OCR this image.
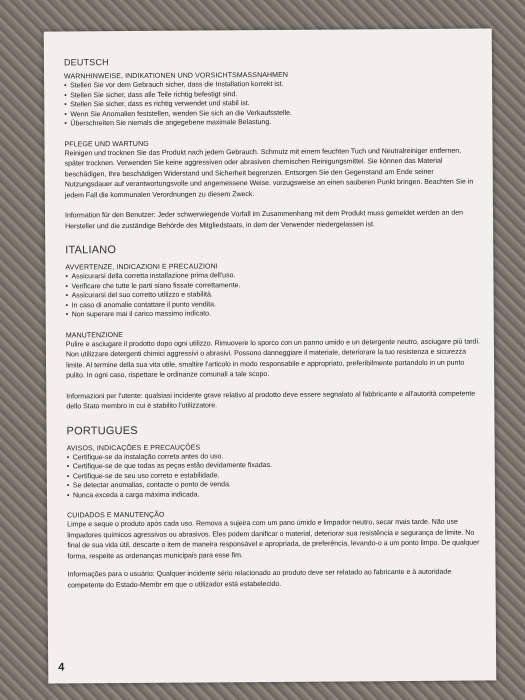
DEUTSCH
WARNHINWEISE, INDIKATIONEN UND VORSICHTSMASSNAHMEN
• Stellen Sie vor dem Gebrauch sicher, dass die Installation korrekt ist.
• Stellen Sie sicher, dass alle Teile richtig befestigt sind.
• Stellen Sie sicher, dass es richtig verwendet und stabil ist.
• Wenn Sie Anomalien feststellen, wenden Sie sich an die Verkaufsstelle.
• Überschreiten Sie niemals die angegebene maximale Belastung.
PFLEGE UND WARTUNG

Reinigen und trocknen Sie das Produkt nach jedem Gebrauch. Schmutz mit einem feuchten Tuch und Neutralreiniger entfernen, später trocknen. Verwenden Sie keine aggressiven oder abrasiven chemischen Reinigungsmittel. Sie können das Material beschädigen, Ihre beschädigen Widerstand und Sicherheit begrenzen. Entsorgen Sie den Gegenstand am Ende seiner Nutzungsdauer auf verantwortungsvolle und angemessene Weise. vorzugsweise an einen sauberen Punkt bringen. Beachten Sie in jedem Fall die kommunalen Verordnungen zu diesem Zweck.

Information für den Benutzer: Jeder schwerwiegende Vorfall im Zusammenhang mit dem Produkt muss gemeldet werden an den Hersteller und die zuständige Behörde des Mitgliedstaats, in dem der Verwender niedergelassen ist.

ITALIANO
AVVERTENZE, INDICAZIONI E PRECAUZIONI
• Assicurarsi della corretta installazione prima dell'uso.
• Verificare che tutte le parti siano fissate correttamente.
• Assicurarsi del suo corretto utilizzo e stabilità.
• In caso di anomalie contattare il punto vendita.
• Non superare mai il carico massimo indicato.
MANUTENZIONE

Pulire e asciugare il prodotto dopo ogni utilizzo. Rimuovere lo sporco con un panno umido e un detergente neutro, asciugare più tardi. Non utilizzare detergenti chimici aggressivi o abrasivi. Possono danneggiare il materiale, deteriorare la tuo resistenza e sicurezza limite. Al termine della sua vita utile, smaltire l'articolo in modo responsabile e appropriato, preferibilmente portandolo in un punto pulito. In ogni caso, rispettare le ordinanze comunali a tale scopo.

Informazioni per l'utente: qualsiasi incidente grave relativo al prodotto deve essere segnalato al fabbricante e all'autorità competente dello Stato membro in cui è stabilito l'utilizzatore.

PORTUGUES
AVISOS, INDICAÇÕES E PRECAUÇÕES
• Certifique-se da instalação correta antes do uso.
• Certifique-se de que todas as peças estão devidamente fixadas.
• Certifique-se de seu uso correto e estabilidade.
• Se detectar anomalias, contacte o ponto de venda.
• Nunca exceda a carga máxima indicada.
CUIDADOS E MANUTENÇÃO

Limpe e seque o produto após cada uso. Remova a sujeira com um pano úmido e limpador neutro, secar mais tarde. Não use limpadores químicos agressivos ou abrasivos. Eles podem danificar o material, deteriorar sua resistência e segurança de limite. No final de sua vida útil, descarte o item de maneira responsável e apropriada, de preferência, levando-o a um ponto limpo. De qualquer forma, respeite as ordenanças municipais para esse fim.

Informações para o usuário: Qualquer incidente sério relacionado ao produto deve ser relatado ao fabricante e à autoridade competente do Estado-Membr em que o utilizador está estabelecido.

4
